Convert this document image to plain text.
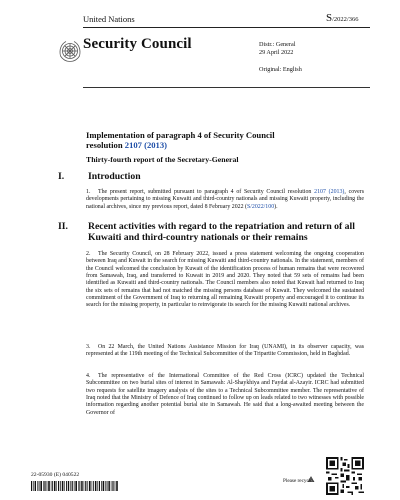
United Nations	S/2022/366
Security Council	Distr.: General
29 April 2022
Original: English
Implementation of paragraph 4 of Security Council
resolution 2107 (2013)
Thirty-fourth report of the Secretary-General
I. Introduction
1. The present report, submitted pursuant to paragraph 4 of Security Council resolution 2107 (2013), covers developments pertaining to missing Kuwaiti and third-country nationals and missing Kuwaiti property, including the national archives, since my previous report, dated 8 February 2022 (S/2022/100).
II. Recent activities with regard to the repatriation and return of all Kuwaiti and third-country nationals or their remains
2. The Security Council, on 28 February 2022, issued a press statement welcoming the ongoing cooperation between Iraq and Kuwait in the search for missing Kuwaiti and third-country nationals. In the statement, members of the Council welcomed the conclusion by Kuwait of the identification process of human remains that were recovered from Samawah, Iraq, and transferred to Kuwait in 2019 and 2020. They noted that 59 sets of remains had been identified as Kuwaiti and third-country nationals. The Council members also noted that Kuwait had returned to Iraq the six sets of remains that had not matched the missing persons database of Kuwait. They welcomed the sustained commitment of the Government of Iraq to returning all remaining Kuwaiti property and encouraged it to continue its search for the missing property, in particular to reinvigorate its search for the missing Kuwaiti national archives.
3. On 22 March, the United Nations Assistance Mission for Iraq (UNAMI), in its observer capacity, was represented at the 119th meeting of the Technical Subcommittee of the Tripartite Commission, held in Baghdad.
4. The representative of the International Committee of the Red Cross (ICRC) updated the Technical Subcommittee on two burial sites of interest in Samawah: Al-Shaykhiya and Faydat al-Azayir. ICRC had submitted two requests for satellite imagery analysis of the sites to a Technical Subcommittee member. The representative of Iraq noted that the Ministry of Defence of Iraq continued to follow up on leads related to two witnesses with possible information regarding another potential burial site in Samawah. He said that a long-awaited meeting between the Governor of
22-05930 (E) 040522
Please recycle
